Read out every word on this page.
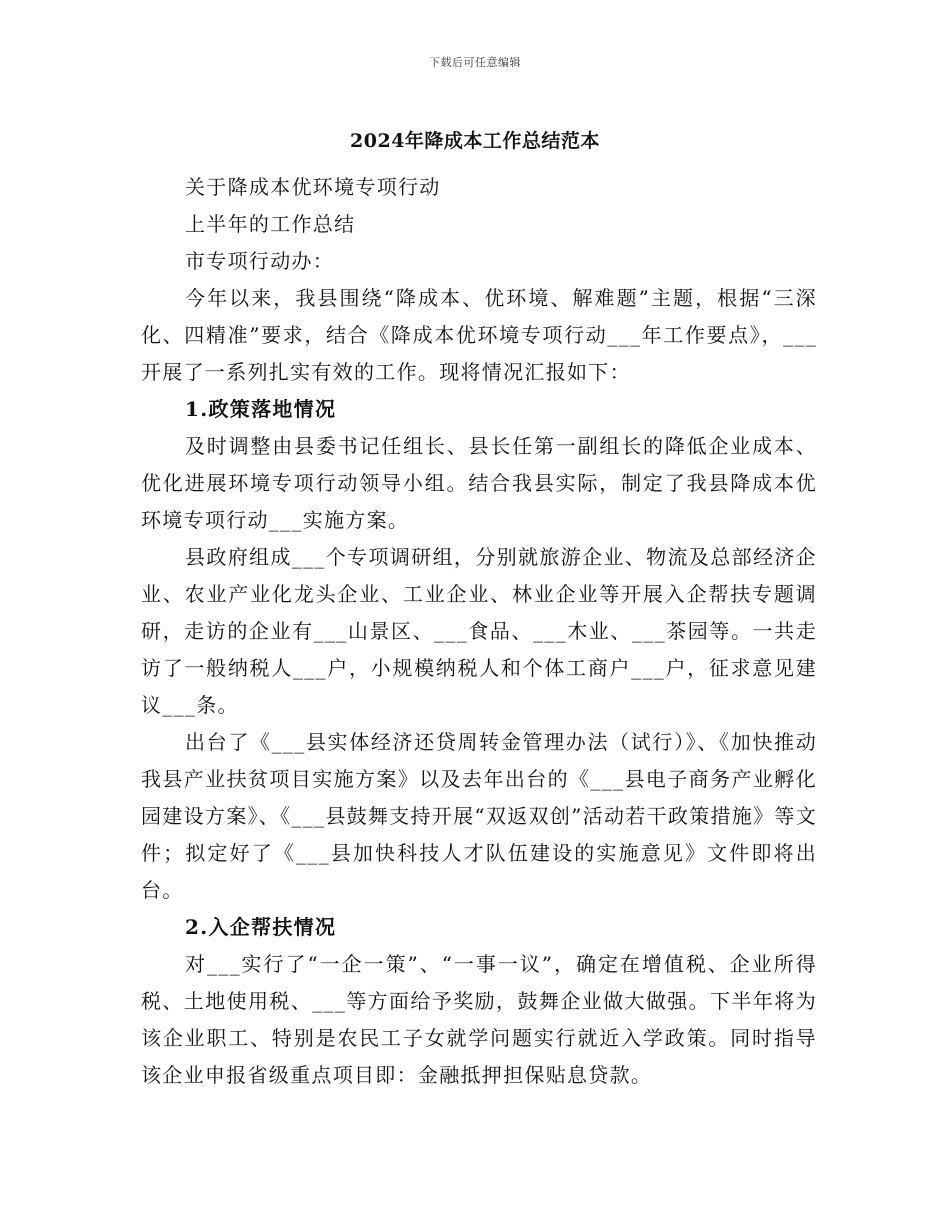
下载后可任意编辑
2024年降成本工作总结范本

关于降成本优环境专项行动

上半年的工作总结

市专项行动办：

今年以来，我县围绕“降成本、优环境、解难题”主题，根据“三深化、四精准”要求，结合《降成本优环境专项行动___年工作要点》，___开展了一系列扎实有效的工作。现将情况汇报如下：

1.政策落地情况

及时调整由县委书记任组长、县长任第一副组长的降低企业成本、优化进展环境专项行动领导小组。结合我县实际，制定了我县降成本优环境专项行动___实施方案。

县政府组成___个专项调研组，分别就旅游企业、物流及总部经济企业、农业产业化龙头企业、工业企业、林业企业等开展入企帮扶专题调研，走访的企业有___山景区、___食品、___木业、___茶园等。一共走访了一般纳税人___户，小规模纳税人和个体工商户___户，征求意见建议___条。

出台了《___县实体经济还贷周转金管理办法（试行）》、《加快推动我县产业扶贫项目实施方案》以及去年出台的《___县电子商务产业孵化园建设方案》、《___县鼓舞支持开展“双返双创”活动若干政策措施》等文件；拟定好了《___县加快科技人才队伍建设的实施意见》文件即将出台。

2.入企帮扶情况

对___实行了“一企一策”、“一事一议”，确定在增值税、企业所得税、土地使用税、___等方面给予奖励，鼓舞企业做大做强。下半年将为该企业职工、特别是农民工子女就学问题实行就近入学政策。同时指导该企业申报省级重点项目即：金融抵押担保贴息贷款。
